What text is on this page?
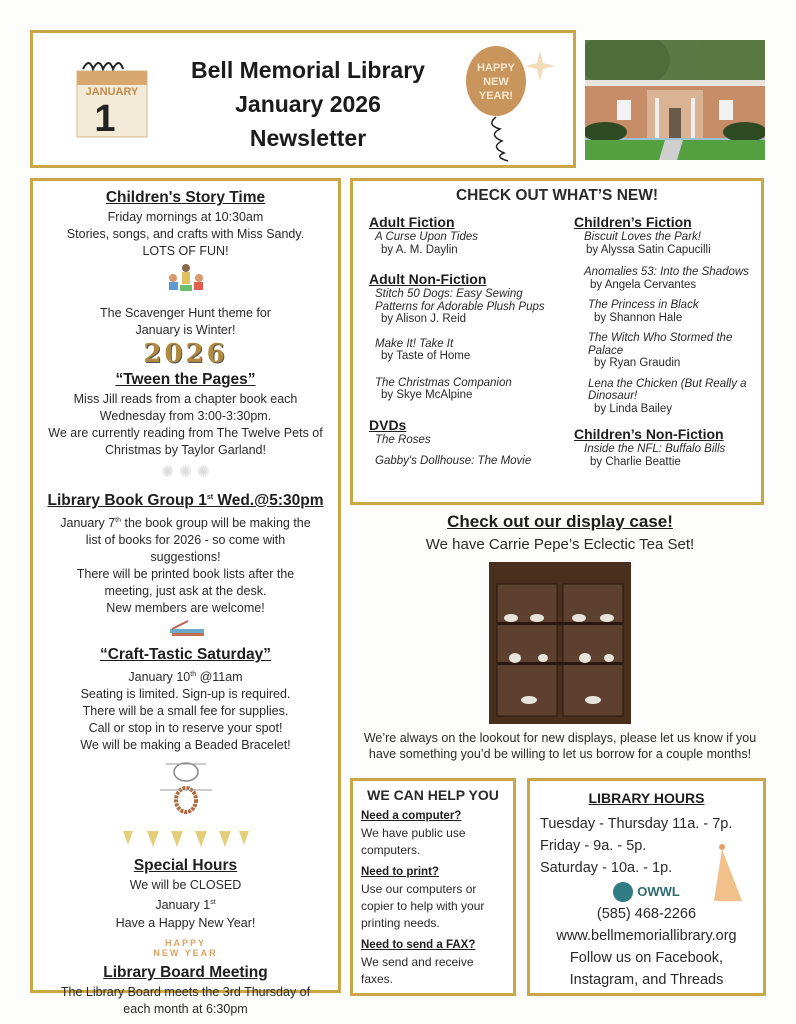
JANUARY
1
Bell Memorial Library
January 2026
Newsletter
HAPPY
NEW
YEAR!
Children's Story Time
Friday mornings at 10:30am
Stories, songs, and crafts with Miss Sandy.
LOTS OF FUN!
The Scavenger Hunt theme for
January is Winter!
2026
“Tween the Pages”
Miss Jill reads from a chapter book each
Wednesday from 3:00-3:30pm.
We are currently reading from The Twelve Pets of
Christmas by Taylor Garland!
✺ ✺ ✺
Library Book Group 1st Wed.@5:30pm
January 7th the book group will be making the
list of books for 2026 - so come with
suggestions!
There will be printed book lists after the
meeting, just ask at the desk.
New members are welcome!
“Craft-Tastic Saturday”
January 10th @11am
Seating is limited. Sign-up is required.
There will be a small fee for supplies.
Call or stop in to reserve your spot!
We will be making a Beaded Bracelet!
Special Hours
We will be CLOSED
January 1st
Have a Happy New Year!
HAPPY
NEW YEAR
Library Board Meeting
The Library Board meets the 3rd Thursday of
each month at 6:30pm
CHECK OUT WHAT’S NEW!
Adult Fiction
A Curse Upon Tides
by A. M. Daylin
Adult Non-Fiction
Stitch 50 Dogs: Easy Sewing Patterns for Adorable Plush Pups
by Alison J. Reid
Make It! Take It
by Taste of Home
The Christmas Companion
by Skye McAlpine
DVDs
The Roses
Gabby's Dollhouse: The Movie
Children’s Fiction
Biscuit Loves the Park!
by Alyssa Satin Capucilli
Anomalies 53: Into the Shadows
by Angela Cervantes
The Princess in Black
by Shannon Hale
The Witch Who Stormed the Palace
by Ryan Graudin
Lena the Chicken (But Really a Dinosaur!
by Linda Bailey
Children’s Non-Fiction
Inside the NFL: Buffalo Bills
by Charlie Beattie
Check out our display case!
We have Carrie Pepe’s Eclectic Tea Set!
We’re always on the lookout for new displays, please let us know if you have something you’d be willing to let us borrow for a couple months!
WE CAN HELP YOU
Need a computer?
We have public use computers.
Need to print?
Use our computers or copier to help with your printing needs.
Need to send a FAX?
We send and receive faxes.
LIBRARY HOURS
Tuesday - Thursday 11a. - 7p.
Friday - 9a. - 5p.
Saturday - 10a. - 1p.
OWWL
(585) 468-2266
www.bellmemoriallibrary.org
Follow us on Facebook,
Instagram, and Threads
